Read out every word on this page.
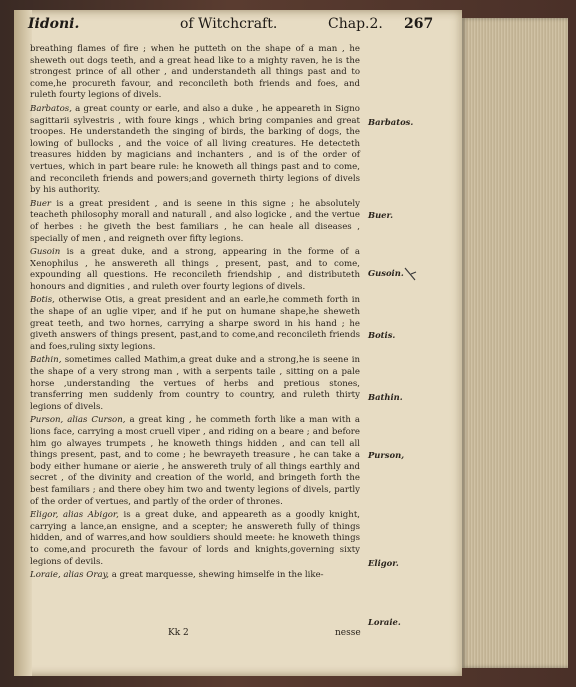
Iidoni.	of Witchcraft.	Chap.2. 267

breathing flames of fire ; when he putteth on the shape of a man , he sheweth out dogs teeth, and a great head like to a mighty raven, he is the strongest prince of all other , and understandeth all things past and to come,he procureth favour, and reconcileth both friends and foes, and ruleth fourty legions of divels.

Barbatos, a great county or earle, and also a duke , he appeareth in Signo sagittarii sylvestris , with foure kings , which bring companies and great troopes. He understandeth the singing of birds, the barking of dogs, the lowing of bullocks , and the voice of all living creatures. He detecteth treasures hidden by magicians and inchanters , and is of the order of vertues, which in part beare rule: he knoweth all things past and to come, and reconcileth friends and powers;and governeth thirty legions of divels by his authority.

Buer is a great president , and is seene in this signe ; he absolutely teacheth philosophy morall and naturall , and also logicke , and the vertue of herbes : he giveth the best familiars , he can heale all diseases , specially of men , and reigneth over fifty legions.

Gusoin is a great duke, and a strong, appearing in the forme of a Xenophilus , he answereth all things , present, past, and to come, expounding all questions. He reconcileth friendship , and distributeth honours and dignities , and ruleth over fourty legions of divels.

Botis, otherwise Otis, a great president and an earle,he commeth forth in the shape of an uglie viper, and if he put on humane shape,he sheweth great teeth, and two hornes, carrying a sharpe sword in his hand ; he giveth answers of things present, past,and to come,and reconcileth friends and foes,ruling sixty legions.

Bathin, sometimes called Mathim,a great duke and a strong,he is seene in the shape of a very strong man , with a serpents taile , sitting on a pale horse ,understanding the vertues of herbs and pretious stones, transferring men suddenly from country to country, and ruleth thirty legions of divels.

Purson, alias Curson, a great king , he commeth forth like a man with a lions face, carrying a most cruell viper , and riding on a beare ; and before him go alwayes trumpets , he knoweth things hidden , and can tell all things present, past, and to come ; he bewrayeth treasure , he can take a body either humane or aierie , he answereth truly of all things earthly and secret , of the divinity and creation of the world, and bringeth forth the best familiars ; and there obey him two and twenty legions of divels, partly of the order of vertues, and partly of the order of thrones.

Eligor, alias Abigor, is a great duke, and appeareth as a goodly knight, carrying a lance,an ensigne, and a scepter; he answereth fully of things hidden, and of warres,and how souldiers should meete: he knoweth things to come,and procureth the favour of lords and knights,governing sixty legions of devils.

Loraie, alias Oray, a great marquesse, shewing himselfe in the like-

Barbatos.
Buer.
Gusoin.
Botis.
Bathin.
Purson,
Eligor.
Loraie.
Kk 2	nesse
